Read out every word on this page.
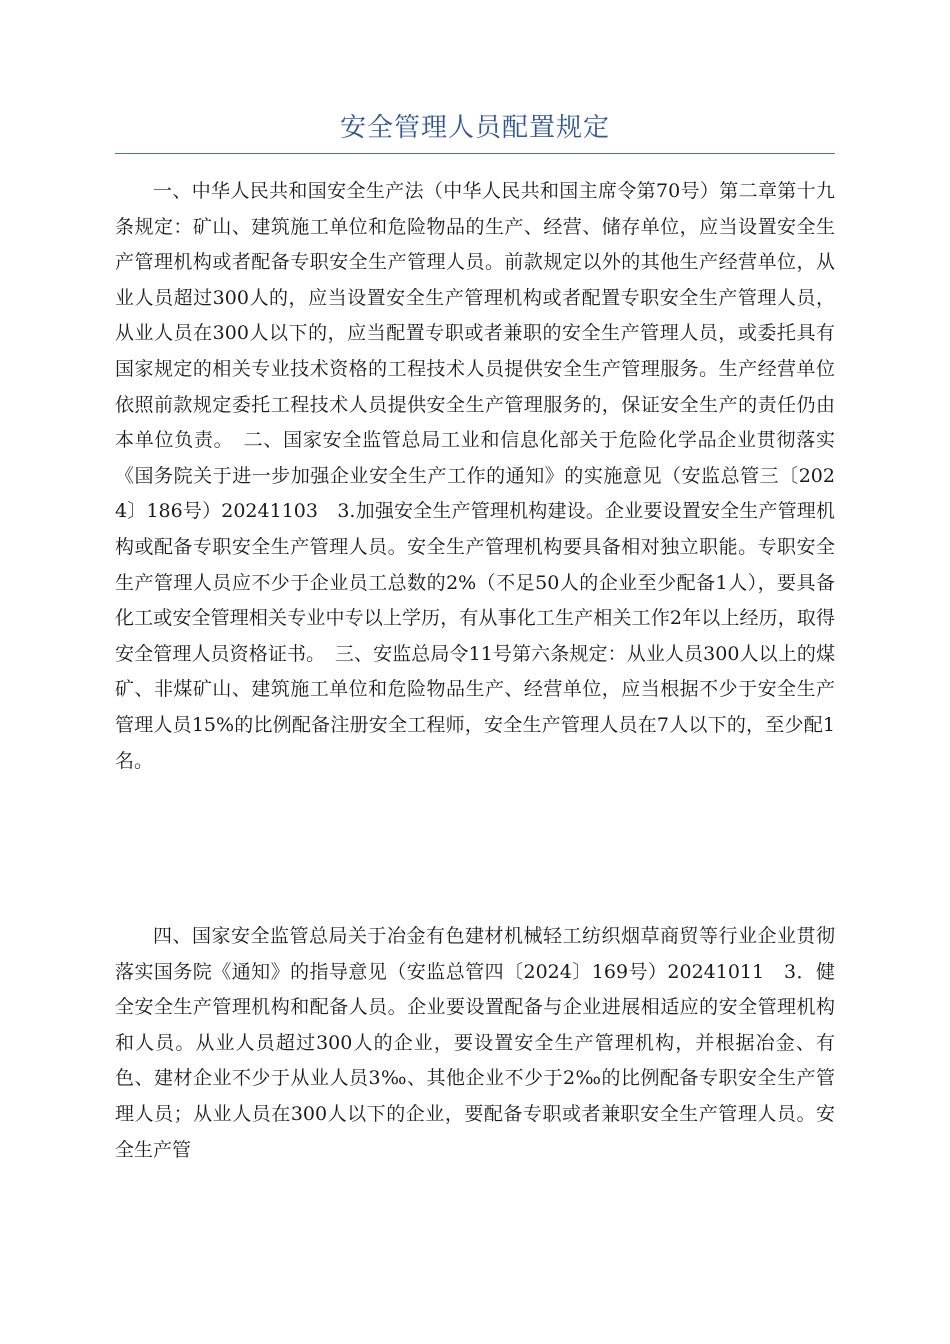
安全管理人员配置规定
一、中华人民共和国安全生产法（中华人民共和国主席令第70号）第二章第十九条规定：矿山、建筑施工单位和危险物品的生产、经营、储存单位，应当设置安全生产管理机构或者配备专职安全生产管理人员。前款规定以外的其他生产经营单位，从业人员超过300人的，应当设置安全生产管理机构或者配置专职安全生产管理人员，从业人员在300人以下的，应当配置专职或者兼职的安全生产管理人员，或委托具有国家规定的相关专业技术资格的工程技术人员提供安全生产管理服务。生产经营单位依照前款规定委托工程技术人员提供安全生产管理服务的，保证安全生产的责任仍由本单位负责。　二、国家安全监管总局工业和信息化部关于危险化学品企业贯彻落实《国务院关于进一步加强企业安全生产工作的通知》的实施意见（安监总管三〔2024〕186号）20241103　3.加强安全生产管理机构建设。企业要设置安全生产管理机构或配备专职安全生产管理人员。安全生产管理机构要具备相对独立职能。专职安全生产管理人员应不少于企业员工总数的2%（不足50人的企业至少配备1人），要具备化工或安全管理相关专业中专以上学历，有从事化工生产相关工作2年以上经历，取得安全管理人员资格证书。　三、安监总局令11号第六条规定：从业人员300人以上的煤矿、非煤矿山、建筑施工单位和危险物品生产、经营单位，应当根据不少于安全生产管理人员15%的比例配备注册安全工程师，安全生产管理人员在7人以下的，至少配1名。
四、国家安全监管总局关于冶金有色建材机械轻工纺织烟草商贸等行业企业贯彻落实国务院《通知》的指导意见（安监总管四〔2024〕169号）20241011　3．健全安全生产管理机构和配备人员。企业要设置配备与企业进展相适应的安全管理机构和人员。从业人员超过300人的企业，要设置安全生产管理机构，并根据冶金、有色、建材企业不少于从业人员3‰、其他企业不少于2‰的比例配备专职安全生产管理人员；从业人员在300人以下的企业，要配备专职或者兼职安全生产管理人员。安全生产管
